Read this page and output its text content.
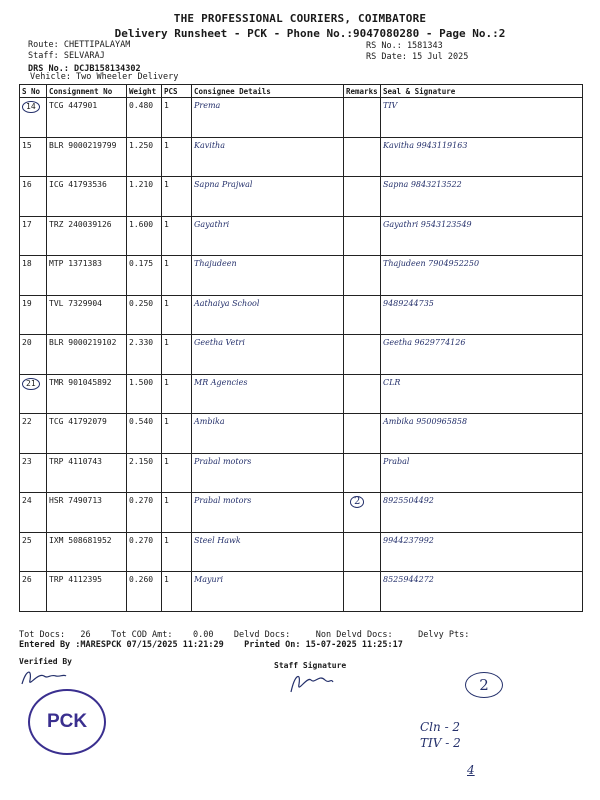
THE PROFESSIONAL COURIERS, COIMBATORE
Delivery Runsheet - PCK - Phone No.:9047080280 - Page No.:2
Route: CHETTIPALAYAM
Staff: SELVARAJ
DRS No.: DCJB158134302
RS No.: 1581343
RS Date: 15 Jul 2025
Vehicle: Two Wheeler Delivery
S No	Consignment No	Weight	PCS	Consignee Details	Remarks	Seal & Signature
14	TCG 447901	0.480	1	Prema		TIV
15	BLR 9000219799	1.250	1	Kavitha		Kavitha 9943119163
16	ICG 41793536	1.210	1	Sapna Prajwal		Sapna 9843213522
17	TRZ 240039126	1.600	1	Gayathri		Gayathri 9543123549
18	MTP 1371383	0.175	1	Thajudeen		Thajudeen 7904952250
19	TVL 7329904	0.250	1	Aathaiya School		9489244735
20	BLR 9000219102	2.330	1	Geetha Vetri		Geetha 9629774126
21	TMR 901045892	1.500	1	MR Agencies		CLR
22	TCG 41792079	0.540	1	Ambika		Ambika 9500965858
23	TRP 4110743	2.150	1	Prabal motors		Prabal
24	HSR 7490713	0.270	1	Prabal motors	2	8925504492
25	IXM 508681952	0.270	1	Steel Hawk		9944237992
26	TRP 4112395	0.260	1	Mayuri		8525944272
Tot Docs:   26    Tot COD Amt:    0.00    Delvd Docs:     Non Delvd Docs:     Delvy Pts:
Entered By :MARESPCK 07/15/2025 11:21:29    Printed On: 15-07-2025 11:25:17
Verified By	Staff Signature
PCK
2
Cln - 2
TIV - 2
4
